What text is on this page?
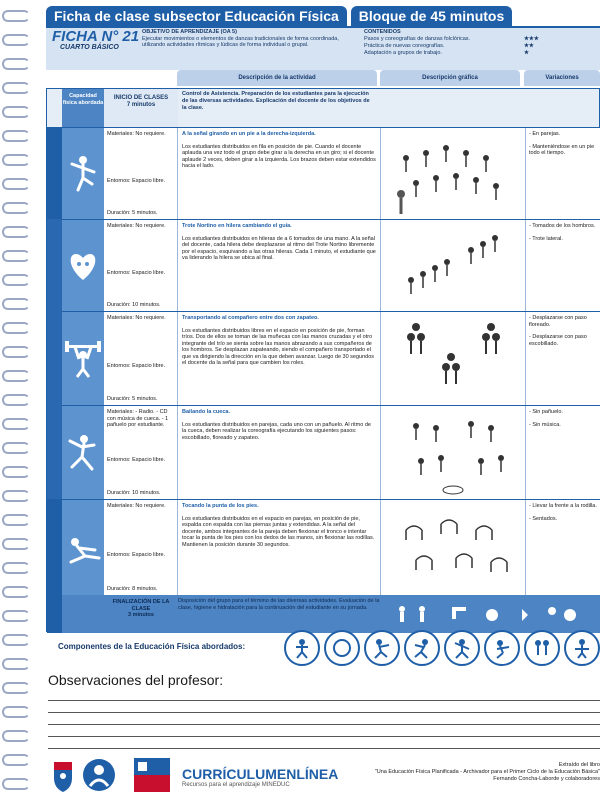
Ficha de clase subsector Educación Física	Bloque de 45 minutos
FICHA N° 21
CUARTO BÁSICO
OBJETIVO DE APRENDIZAJE (OA 5)
Ejecutar movimientos o elementos de danzas tradicionales de forma coordinada, utilizando actividades rítmicas y lúdicas de forma individual o grupal.
CONTENIDOS
Pasos y coreografías de danzas folclóricas.	★★★
Práctica de nuevas coreografías.	★★
Adaptación a grupos de trabajo.	★
Descripción de la actividad	Descripción gráfica	Variaciones
Capacidad física abordada
INICIO DE CLASES
7 minutos
Control de Asistencia. Preparación de los estudiantes para la ejecución de las diversas actividades. Explicación del docente de los objetivos de la clase.
Materiales: No requiere.
Entornos: Espacio libre.
Duración: 5 minutos.
A la señal girando en un pie a la derecha-izquierda.
Los estudiantes distribuidos en fila en posición de pie. Cuando el docente aplauda una vez todo el grupo debe girar a la derecha en un giro; si el docente aplaude 2 veces, deben girar a la izquierda. Los brazos deben estar extendidos hacia el lado.
- En parejas.
- Manteniéndose en un pie todo el tiempo.
Materiales: No requiere.
Entornos: Espacio libre.
Duración: 10 minutos.
Trote Nortino en hilera cambiando el guía.
Los estudiantes distribuidos en hileras de a 6 tomados de una mano. A la señal del docente, cada hilera debe desplazarse al ritmo del Trote Nortino libremente por el espacio, esquivando a las otras hileras. Cada 1 minuto, el estudiante que va liderando la hilera se ubica al final.
- Tomados de los hombros.
- Trote lateral.
Materiales: No requiere.
Entornos: Espacio libre.
Duración: 5 minutos.
Transportando al compañero entre dos con zapateo.
Los estudiantes distribuidos libres en el espacio en posición de pie, forman tríos. Dos de ellos se toman de las muñecas con las manos cruzadas y el otro integrante del trío se sienta sobre las manos abrazando a sus compañeros de los hombros. Se desplazan zapateando, siendo el compañero transportado el que va dirigiendo la dirección en la que deben avanzar. Luego de 30 segundos el docente da la señal para que cambien los roles.
- Desplazarse con paso floreado.
- Desplazarse con paso escobillado.
Materiales: - Radio. - CD con música de cueca. - 1 pañuelo por estudiante.
Entornos: Espacio libre.
Duración: 10 minutos.
Bailando la cueca.
Los estudiantes distribuidos en parejas, cada uno con un pañuelo. Al ritmo de la cueca, deben realizar la coreografía ejecutando los siguientes pasos: escobillado, floreado y zapateo.
- Sin pañuelo.
- Sin música.
Materiales: No requiere.
Entornos: Espacio libre.
Duración: 8 minutos.
Tocando la punta de los pies.
Los estudiantes distribuidos en el espacio en parejas, en posición de pie, espalda con espalda con las piernas juntas y extendidas. A la señal del docente, ambos integrantes de la pareja deben flexionar el tronco e intentar tocar la punta de los pies con los dedos de las manos, sin flexionar las rodillas. Mantienen la posición durante 30 segundos.
- Llevar la frente a la rodilla.
- Sentados.
FINALIZACIÓN DE LA CLASE
3 minutos
Disposición del grupo para el término de las diversas actividades. Evaluación de la clase, higiene e hidratación para la continuación del estudiante en su jornada.
Componentes de la Educación Física abordados:
Observaciones del profesor:
CURRÍCULUMENLÍNEA
Recursos para el aprendizaje MINEDUC
Extraído del libro
"Una Educación Física Planificada - Archivador para el Primer Ciclo de la Educación Básica"
Fernando Concha-Laborde y colaboradores
